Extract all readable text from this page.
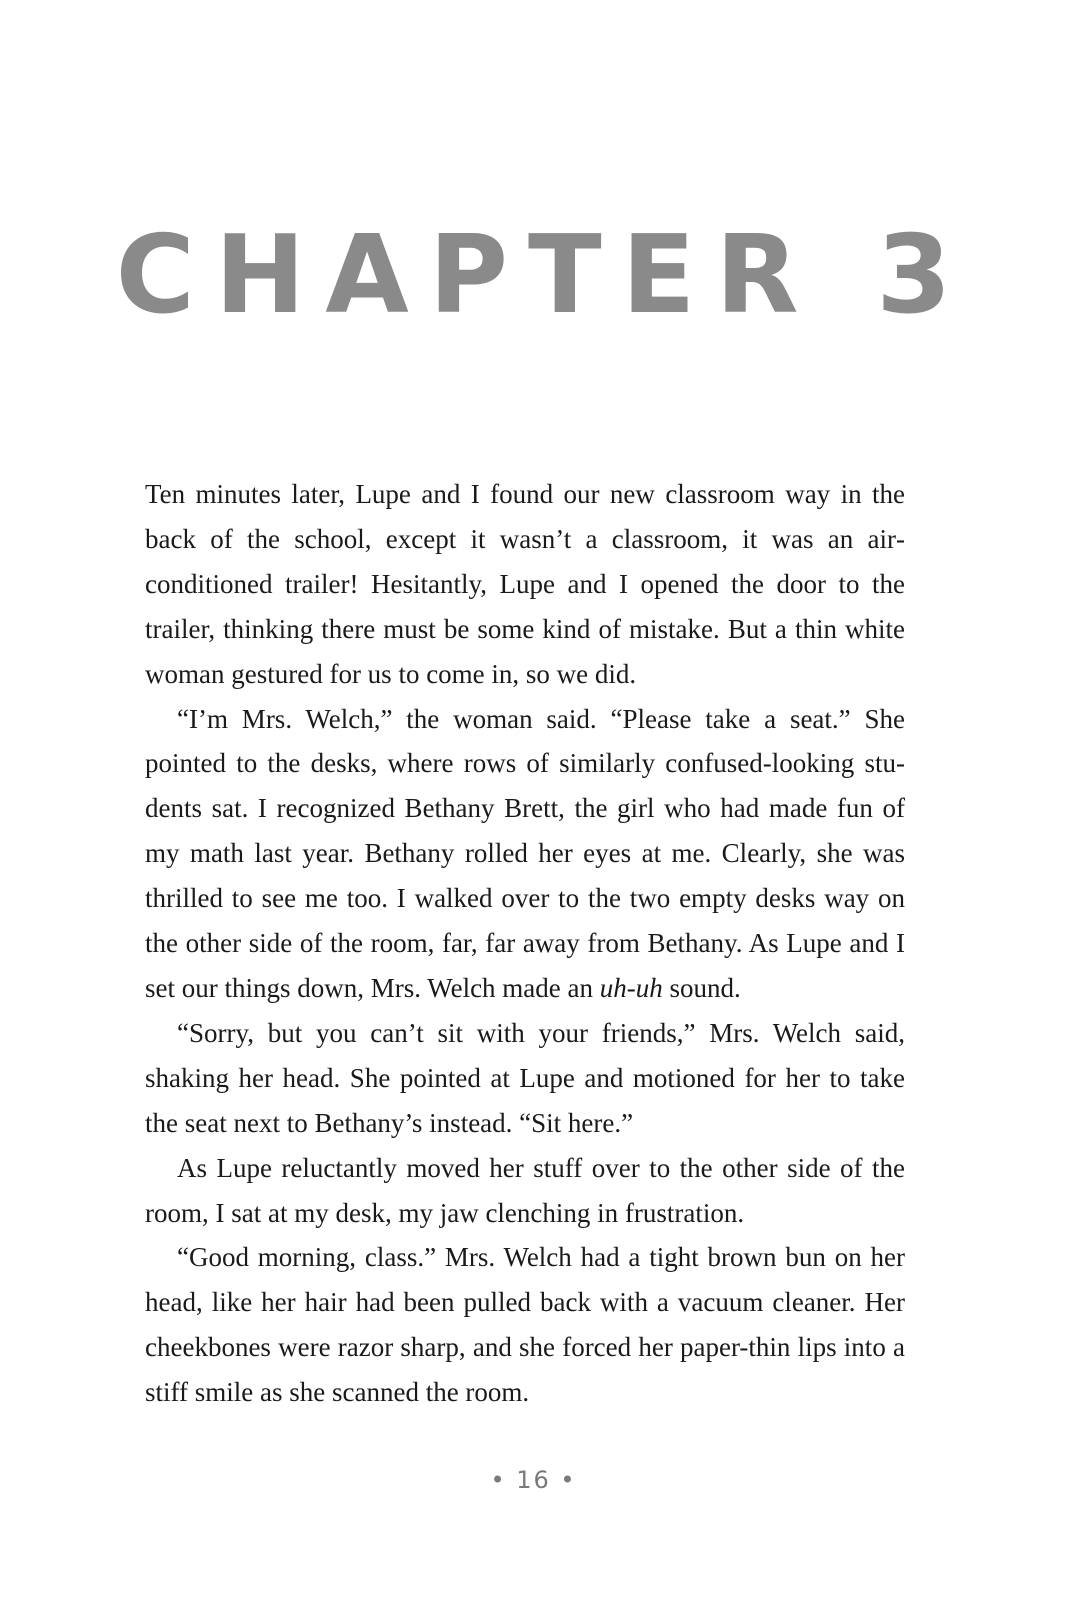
CHAPTER 3

Ten minutes later, Lupe and I found our new classroom way in the back of the school, except it wasn’t a classroom, it was an airconditioned trailer! Hesitantly, Lupe and I opened the door to the trailer, thinking there must be some kind of mistake. But a thin white woman gestured for us to come in, so we did.

“I’m Mrs. Welch,” the woman said. “Please take a seat.” She pointed to the desks, where rows of similarly confused-looking students sat. I recognized Bethany Brett, the girl who had made fun of my math last year. Bethany rolled her eyes at me. Clearly, she was thrilled to see me too. I walked over to the two empty desks way on the other side of the room, far, far away from Bethany. As Lupe and I set our things down, Mrs. Welch made an uh-uh sound.

“Sorry, but you can’t sit with your friends,” Mrs. Welch said, shaking her head. She pointed at Lupe and motioned for her to take the seat next to Bethany’s instead. “Sit here.”

As Lupe reluctantly moved her stuff over to the other side of the room, I sat at my desk, my jaw clenching in frustration.

“Good morning, class.” Mrs. Welch had a tight brown bun on her head, like her hair had been pulled back with a vacuum cleaner. Her cheekbones were razor sharp, and she forced her paper-thin lips into a stiff smile as she scanned the room.

• 16 •
